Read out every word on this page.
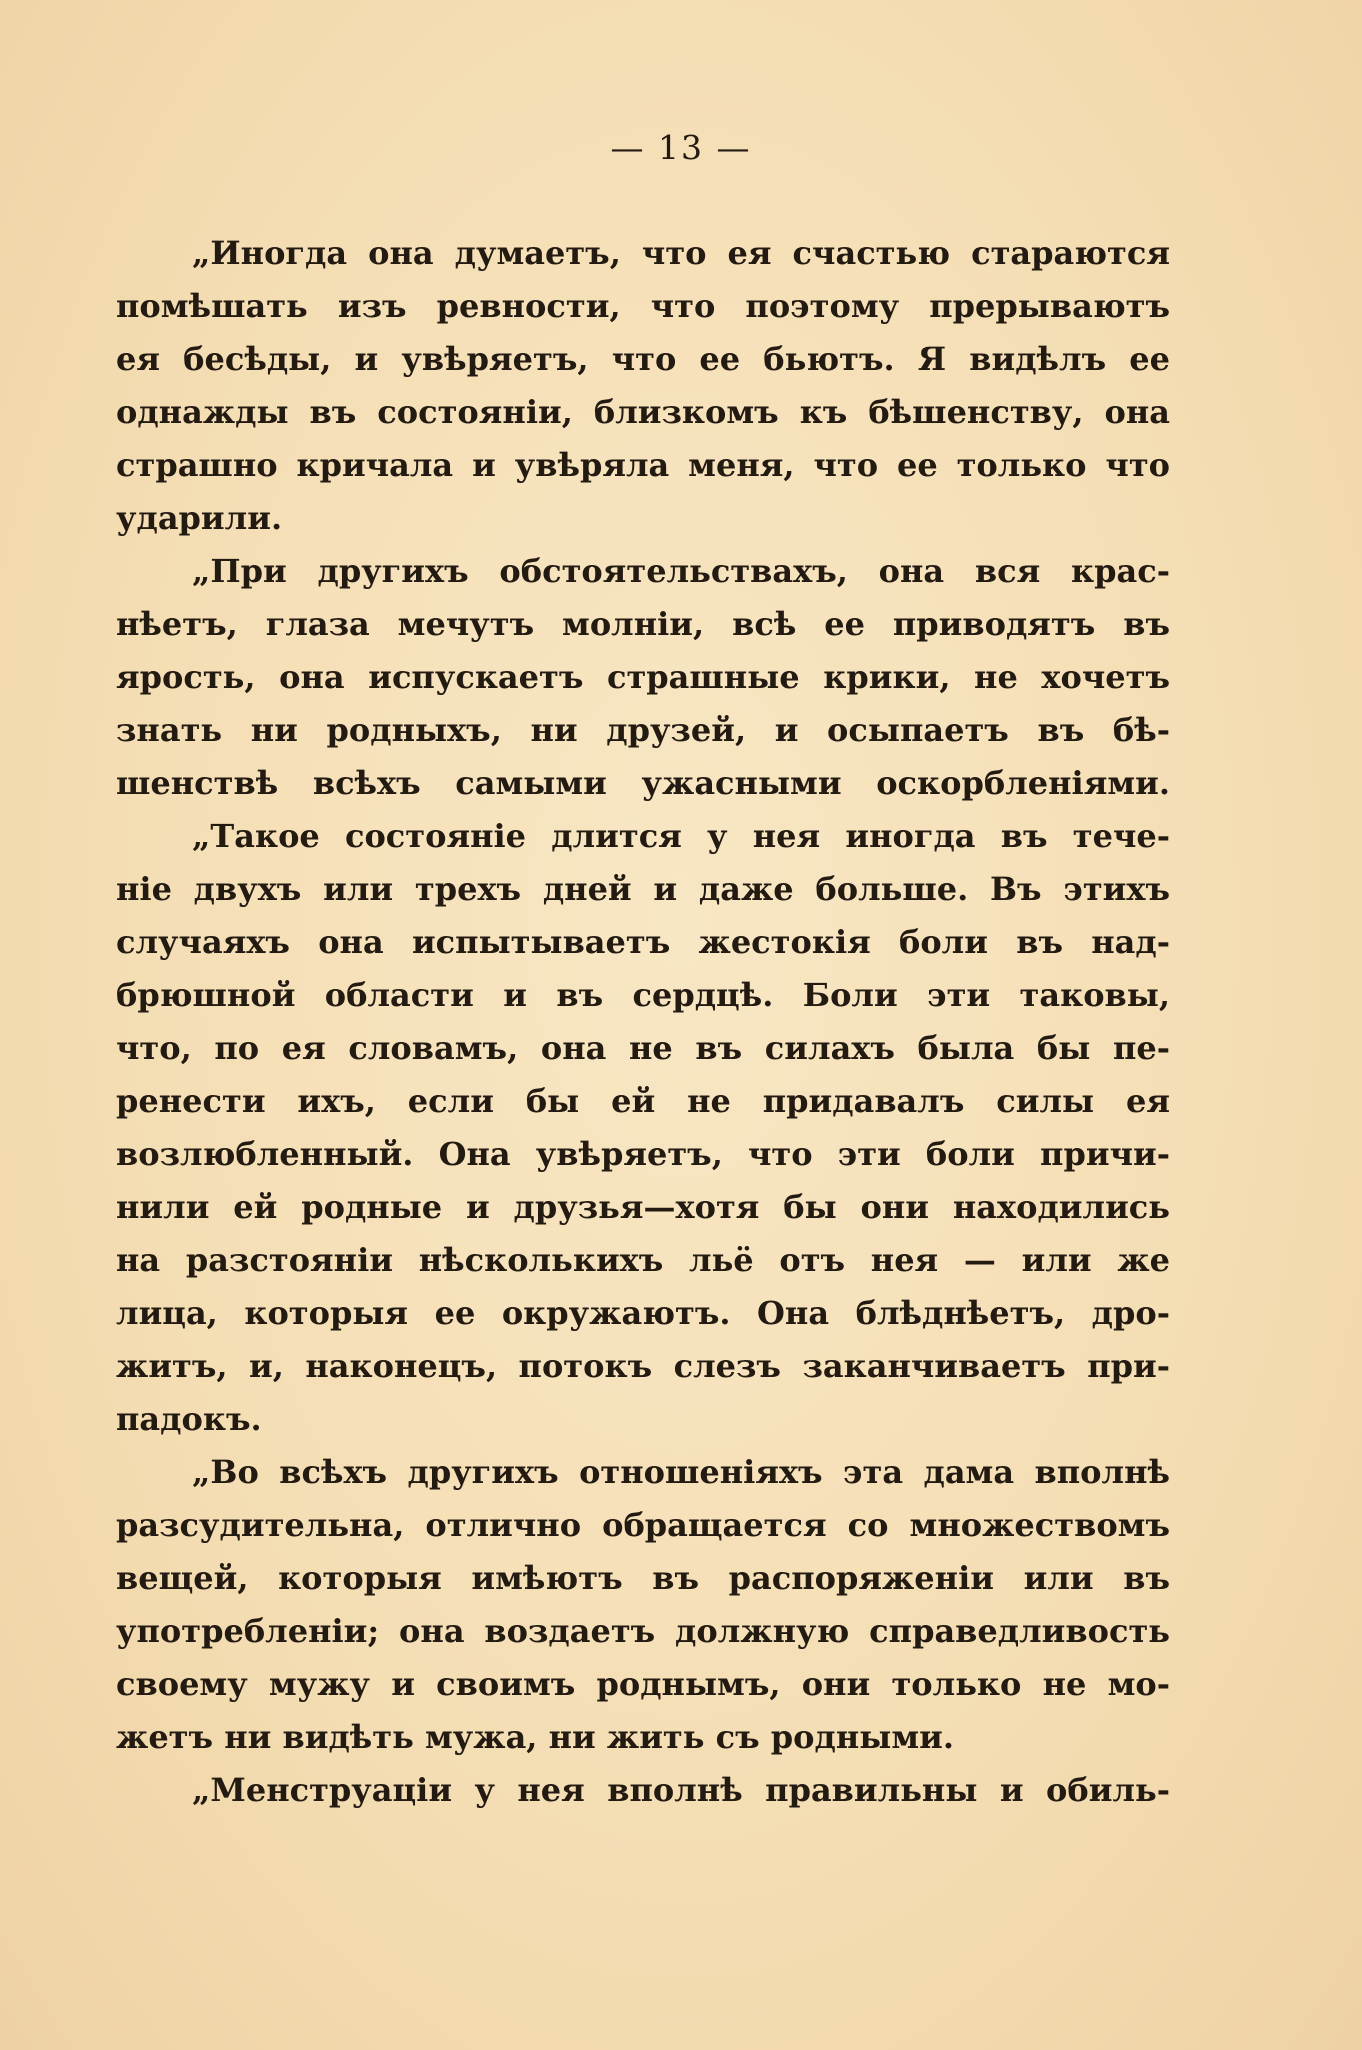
— 13 —
„Иногда она думаетъ, что ея счастью стараются
помѣшать изъ ревности, что поэтому прерываютъ
ея бесѣды, и увѣряетъ, что ее бьютъ. Я видѣлъ ее
однажды въ состояніи, близкомъ къ бѣшенству, она
страшно кричала и увѣряла меня, что ее только что
ударили.
„При другихъ обстоятельствахъ, она вся крас-
нѣетъ, глаза мечутъ молніи, всѣ ее приводятъ въ
ярость, она испускаетъ страшные крики, не хочетъ
знать ни родныхъ, ни друзей, и осыпаетъ въ бѣ-
шенствѣ всѣхъ самыми ужасными оскорбленіями.
„Такое состояніе длится у нея иногда въ тече-
ніе двухъ или трехъ дней и даже больше. Въ этихъ
случаяхъ она испытываетъ жестокія боли въ над-
брюшной области и въ сердцѣ. Боли эти таковы,
что, по ея словамъ, она не въ силахъ была бы пе-
ренести ихъ, если бы ей не придавалъ силы ея
возлюбленный. Она увѣряетъ, что эти боли причи-
нили ей родные и друзья—хотя бы они находились
на разстояніи нѣсколькихъ льё отъ нея — или же
лица, которыя ее окружаютъ. Она блѣднѣетъ, дро-
житъ, и, наконецъ, потокъ слезъ заканчиваетъ при-
падокъ.
„Во всѣхъ другихъ отношеніяхъ эта дама вполнѣ
разсудительна, отлично обращается со множествомъ
вещей, которыя имѣютъ въ распоряженіи или въ
употребленіи; она воздаетъ должную справедливость
своему мужу и своимъ роднымъ, они только не мо-
жетъ ни видѣть мужа, ни жить съ родными.
„Менструаціи у нея вполнѣ правильны и обиль-
